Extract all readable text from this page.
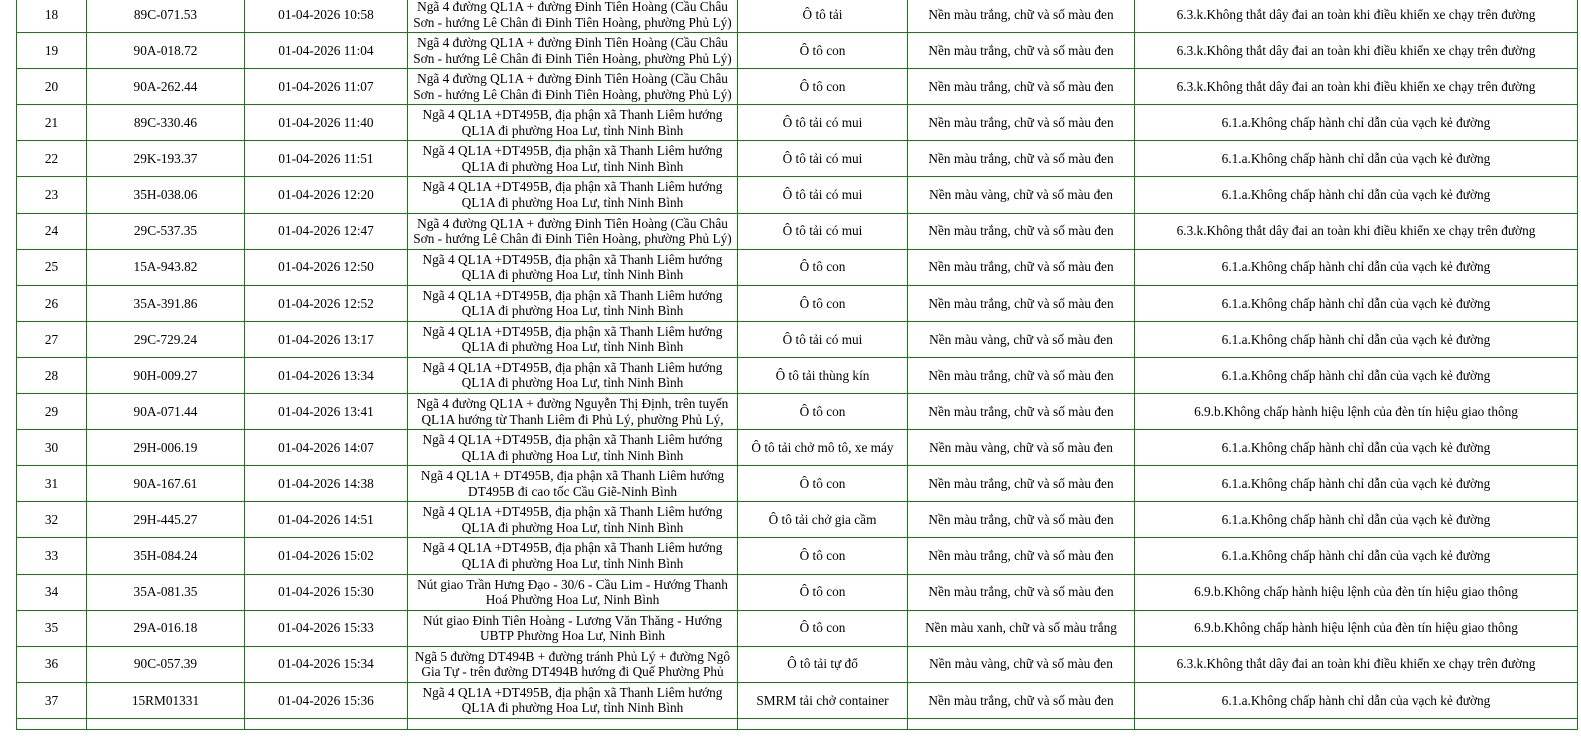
18	89C-071.53	01-04-2026 10:58	Ngã 4 đường QL1A + đường Đinh Tiên Hoàng (Cầu Châu Sơn - hướng Lê Chân đi Đinh Tiên Hoàng, phường Phủ Lý)	Ô tô tải	Nền màu trắng, chữ và số màu đen	6.3.k.Không thắt dây đai an toàn khi điều khiển xe chạy trên đường
19	90A-018.72	01-04-2026 11:04	Ngã 4 đường QL1A + đường Đinh Tiên Hoàng (Cầu Châu Sơn - hướng Lê Chân đi Đinh Tiên Hoàng, phường Phủ Lý)	Ô tô con	Nền màu trắng, chữ và số màu đen	6.3.k.Không thắt dây đai an toàn khi điều khiển xe chạy trên đường
20	90A-262.44	01-04-2026 11:07	Ngã 4 đường QL1A + đường Đinh Tiên Hoàng (Cầu Châu Sơn - hướng Lê Chân đi Đinh Tiên Hoàng, phường Phủ Lý)	Ô tô con	Nền màu trắng, chữ và số màu đen	6.3.k.Không thắt dây đai an toàn khi điều khiển xe chạy trên đường
21	89C-330.46	01-04-2026 11:40	Ngã 4 QL1A +DT495B, địa phận xã Thanh Liêm hướng QL1A đi phường Hoa Lư, tỉnh Ninh Bình	Ô tô tải có mui	Nền màu trắng, chữ và số màu đen	6.1.a.Không chấp hành chỉ dẫn của vạch kẻ đường
22	29K-193.37	01-04-2026 11:51	Ngã 4 QL1A +DT495B, địa phận xã Thanh Liêm hướng QL1A đi phường Hoa Lư, tỉnh Ninh Bình	Ô tô tải có mui	Nền màu trắng, chữ và số màu đen	6.1.a.Không chấp hành chỉ dẫn của vạch kẻ đường
23	35H-038.06	01-04-2026 12:20	Ngã 4 QL1A +DT495B, địa phận xã Thanh Liêm hướng QL1A đi phường Hoa Lư, tỉnh Ninh Bình	Ô tô tải có mui	Nền màu vàng, chữ và số màu đen	6.1.a.Không chấp hành chỉ dẫn của vạch kẻ đường
24	29C-537.35	01-04-2026 12:47	Ngã 4 đường QL1A + đường Đinh Tiên Hoàng (Cầu Châu Sơn - hướng Lê Chân đi Đinh Tiên Hoàng, phường Phủ Lý)	Ô tô tải có mui	Nền màu trắng, chữ và số màu đen	6.3.k.Không thắt dây đai an toàn khi điều khiển xe chạy trên đường
25	15A-943.82	01-04-2026 12:50	Ngã 4 QL1A +DT495B, địa phận xã Thanh Liêm hướng QL1A đi phường Hoa Lư, tỉnh Ninh Bình	Ô tô con	Nền màu trắng, chữ và số màu đen	6.1.a.Không chấp hành chỉ dẫn của vạch kẻ đường
26	35A-391.86	01-04-2026 12:52	Ngã 4 QL1A +DT495B, địa phận xã Thanh Liêm hướng QL1A đi phường Hoa Lư, tỉnh Ninh Bình	Ô tô con	Nền màu trắng, chữ và số màu đen	6.1.a.Không chấp hành chỉ dẫn của vạch kẻ đường
27	29C-729.24	01-04-2026 13:17	Ngã 4 QL1A +DT495B, địa phận xã Thanh Liêm hướng QL1A đi phường Hoa Lư, tỉnh Ninh Bình	Ô tô tải có mui	Nền màu vàng, chữ và số màu đen	6.1.a.Không chấp hành chỉ dẫn của vạch kẻ đường
28	90H-009.27	01-04-2026 13:34	Ngã 4 QL1A +DT495B, địa phận xã Thanh Liêm hướng QL1A đi phường Hoa Lư, tỉnh Ninh Bình	Ô tô tải thùng kín	Nền màu trắng, chữ và số màu đen	6.1.a.Không chấp hành chỉ dẫn của vạch kẻ đường
29	90A-071.44	01-04-2026 13:41	Ngã 4 đường QL1A + đường Nguyễn Thị Định, trên tuyến QL1A hướng từ Thanh Liêm đi Phủ Lý, phường Phủ Lý,	Ô tô con	Nền màu trắng, chữ và số màu đen	6.9.b.Không chấp hành hiệu lệnh của đèn tín hiệu giao thông
30	29H-006.19	01-04-2026 14:07	Ngã 4 QL1A +DT495B, địa phận xã Thanh Liêm hướng QL1A đi phường Hoa Lư, tỉnh Ninh Bình	Ô tô tải chở mô tô, xe máy	Nền màu vàng, chữ và số màu đen	6.1.a.Không chấp hành chỉ dẫn của vạch kẻ đường
31	90A-167.61	01-04-2026 14:38	Ngã 4 QL1A + DT495B, địa phận xã Thanh Liêm hướng DT495B đi cao tốc Cầu Giẽ-Ninh Bình	Ô tô con	Nền màu trắng, chữ và số màu đen	6.1.a.Không chấp hành chỉ dẫn của vạch kẻ đường
32	29H-445.27	01-04-2026 14:51	Ngã 4 QL1A +DT495B, địa phận xã Thanh Liêm hướng QL1A đi phường Hoa Lư, tỉnh Ninh Bình	Ô tô tải chở gia cầm	Nền màu trắng, chữ và số màu đen	6.1.a.Không chấp hành chỉ dẫn của vạch kẻ đường
33	35H-084.24	01-04-2026 15:02	Ngã 4 QL1A +DT495B, địa phận xã Thanh Liêm hướng QL1A đi phường Hoa Lư, tỉnh Ninh Bình	Ô tô con	Nền màu trắng, chữ và số màu đen	6.1.a.Không chấp hành chỉ dẫn của vạch kẻ đường
34	35A-081.35	01-04-2026 15:30	Nút giao Trần Hưng Đạo - 30/6 - Cầu Lim - Hướng Thanh Hoá Phường Hoa Lư, Ninh Bình	Ô tô con	Nền màu trắng, chữ và số màu đen	6.9.b.Không chấp hành hiệu lệnh của đèn tín hiệu giao thông
35	29A-016.18	01-04-2026 15:33	Nút giao Đinh Tiên Hoàng - Lương Văn Thăng - Hướng UBTP Phường Hoa Lư, Ninh Bình	Ô tô con	Nền màu xanh, chữ và số màu trắng	6.9.b.Không chấp hành hiệu lệnh của đèn tín hiệu giao thông
36	90C-057.39	01-04-2026 15:34	Ngã 5 đường DT494B + đường tránh Phủ Lý + đường Ngô Gia Tự - trên đường DT494B hướng đi Quế Phường Phủ	Ô tô tải tự đổ	Nền màu vàng, chữ và số màu đen	6.3.k.Không thắt dây đai an toàn khi điều khiển xe chạy trên đường
37	15RM01331	01-04-2026 15:36	Ngã 4 QL1A +DT495B, địa phận xã Thanh Liêm hướng QL1A đi phường Hoa Lư, tỉnh Ninh Bình	SMRM tải chở container	Nền màu trắng, chữ và số màu đen	6.1.a.Không chấp hành chỉ dẫn của vạch kẻ đường
